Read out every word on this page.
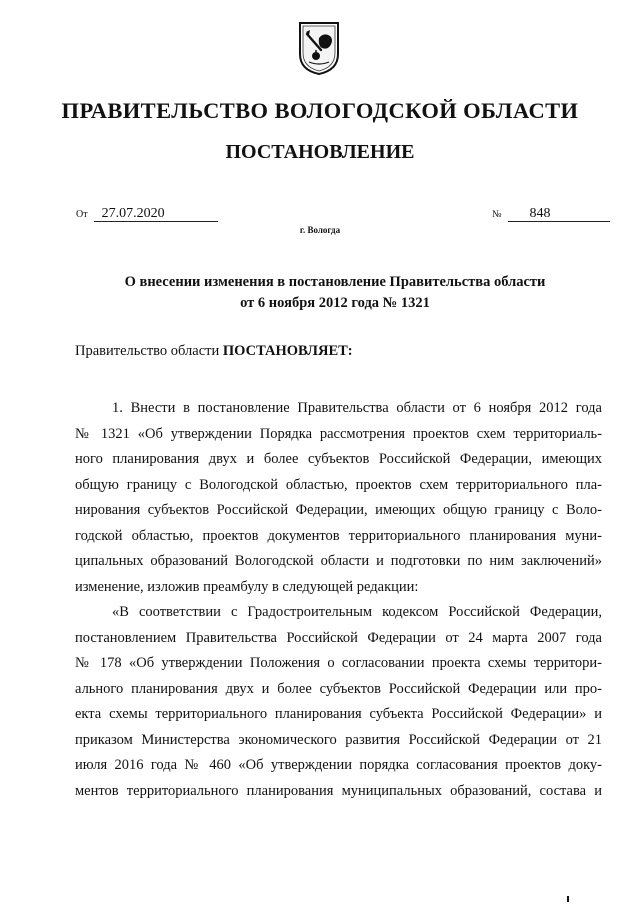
ПРАВИТЕЛЬСТВО ВОЛОГОДСКОЙ ОБЛАСТИ
ПОСТАНОВЛЕНИЕ
От 27.07.2020	№ 848
г. Вологда
О внесении изменения в постановление Правительства области
от 6 ноября 2012 года № 1321
Правительство области ПОСТАНОВЛЯЕТ:
1. Внести в постановление Правительства области от 6 ноября 2012 года
№ 1321 «Об утверждении Порядка рассмотрения проектов схем территориаль-
ного планирования двух и более субъектов Российской Федерации, имеющих
общую границу с Вологодской областью, проектов схем территориального пла-
нирования субъектов Российской Федерации, имеющих общую границу с Воло-
годской областью, проектов документов территориального планирования муни-
ципальных образований Вологодской области и подготовки по ним заключений»
изменение, изложив преамбулу в следующей редакции:
«В соответствии с Градостроительным кодексом Российской Федерации,
постановлением Правительства Российской Федерации от 24 марта 2007 года
№ 178 «Об утверждении Положения о согласовании проекта схемы территори-
ального планирования двух и более субъектов Российской Федерации или про-
екта схемы территориального планирования субъекта Российской Федерации» и
приказом Министерства экономического развития Российской Федерации от 21
июля 2016 года № 460 «Об утверждении порядка согласования проектов доку-
ментов территориального планирования муниципальных образований, состава и
